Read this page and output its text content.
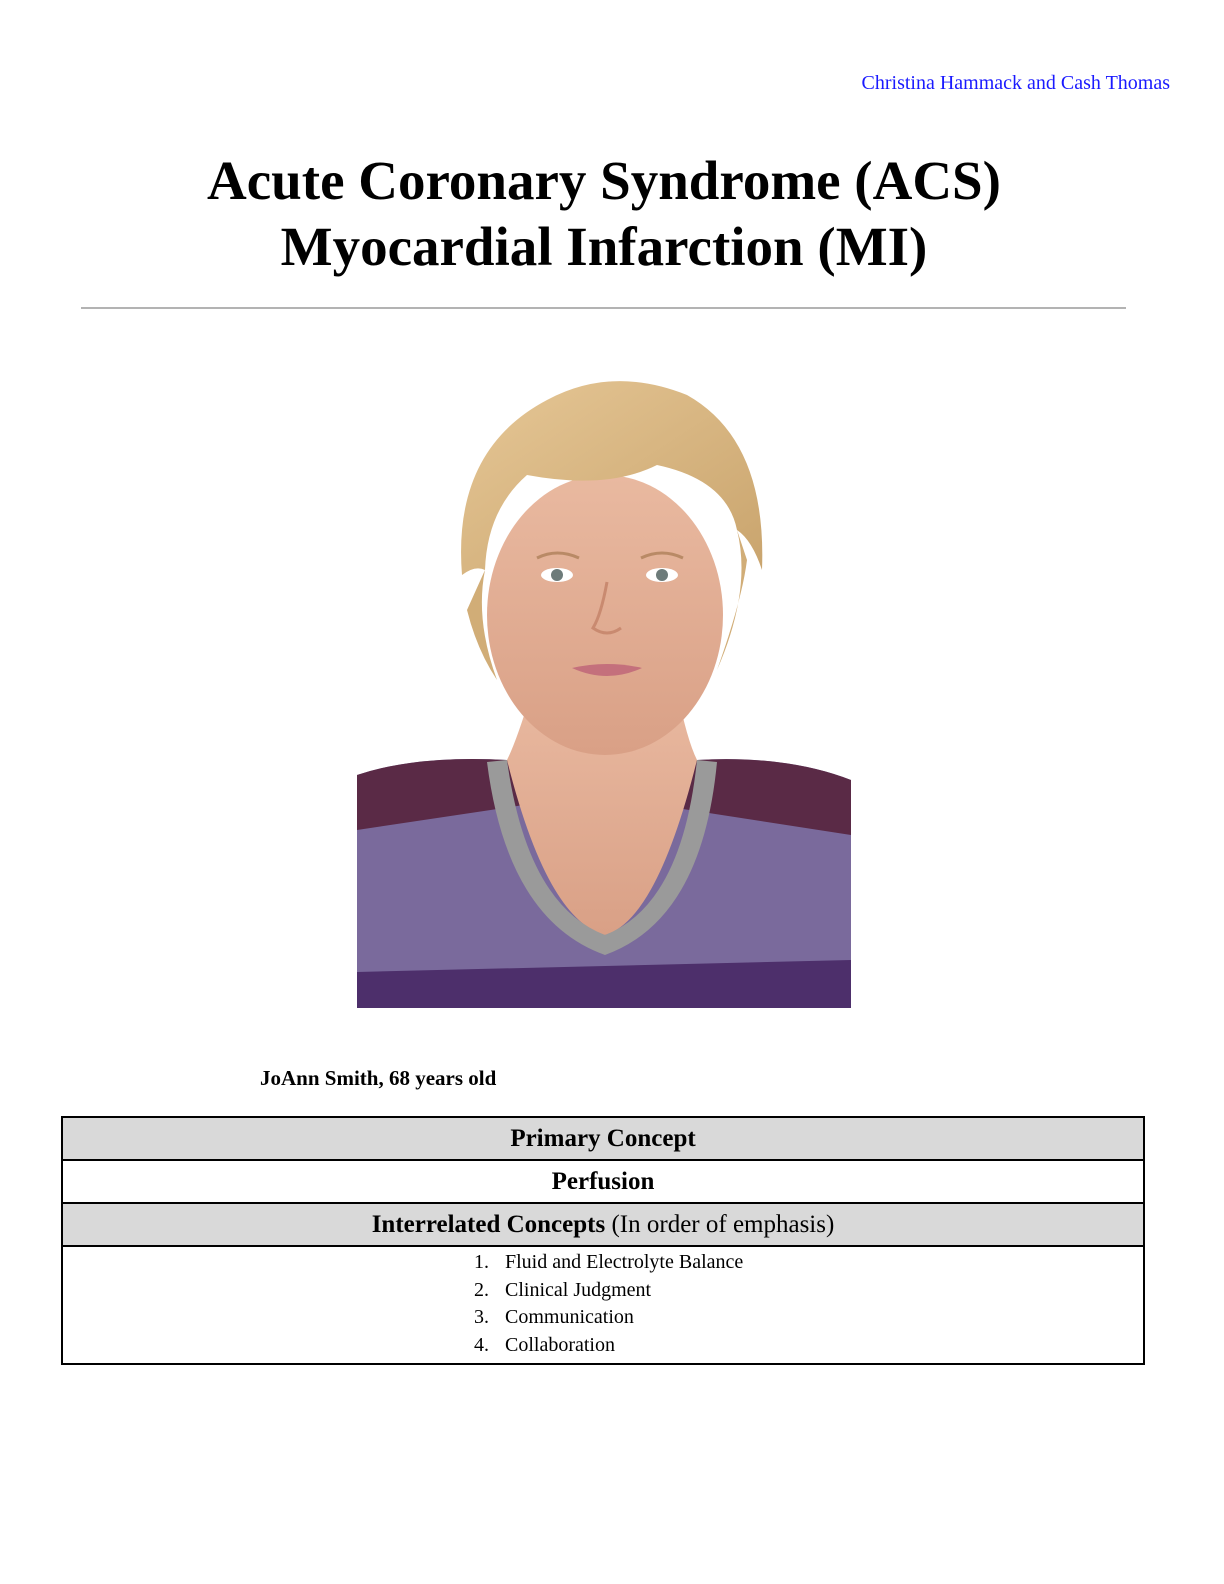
Christina Hammack and Cash Thomas
Acute Coronary Syndrome (ACS)
Myocardial Infarction (MI)
JoAnn Smith, 68 years old
Primary Concept
Perfusion
Interrelated Concepts (In order of emphasis)

1. Fluid and Electrolyte Balance
2. Clinical Judgment
3. Communication
4. Collaboration
